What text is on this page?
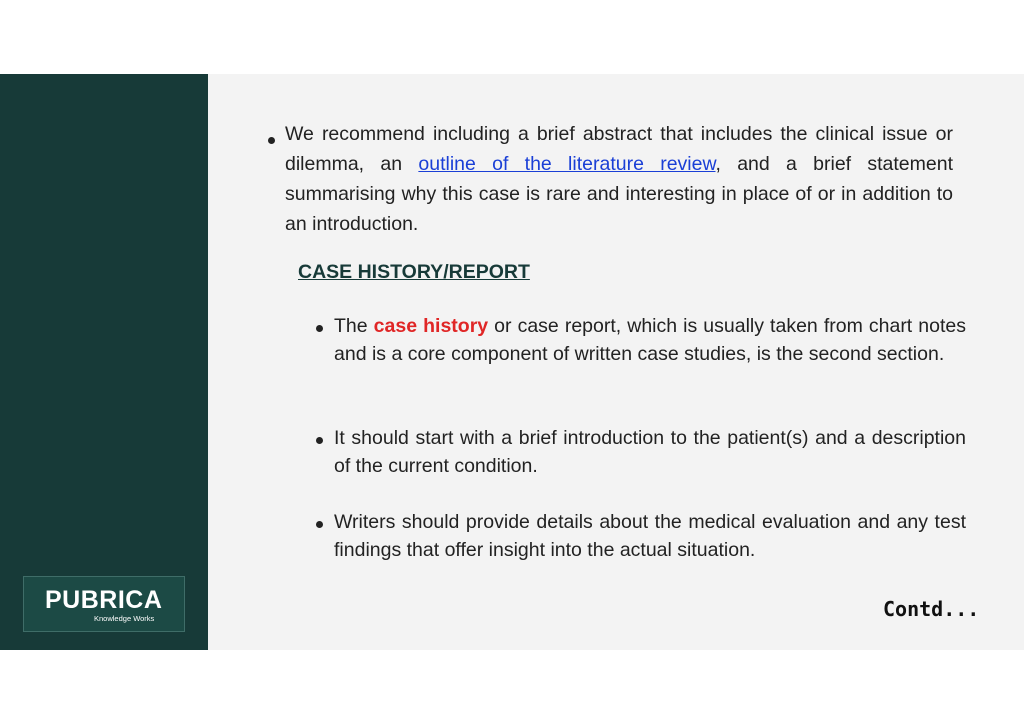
PUBRICA
Knowledge Works

We recommend including a brief abstract that includes the clinical issue or dilemma, an outline of the literature review, and a brief statement summarising why this case is rare and interesting in place of or in addition to an introduction.

CASE HISTORY/REPORT

The case history or case report, which is usually taken from chart notes and is a core component of written case studies, is the second section.

It should start with a brief introduction to the patient(s) and a description of the current condition.

Writers should provide details about the medical evaluation and any test findings that offer insight into the actual situation.

Contd...
